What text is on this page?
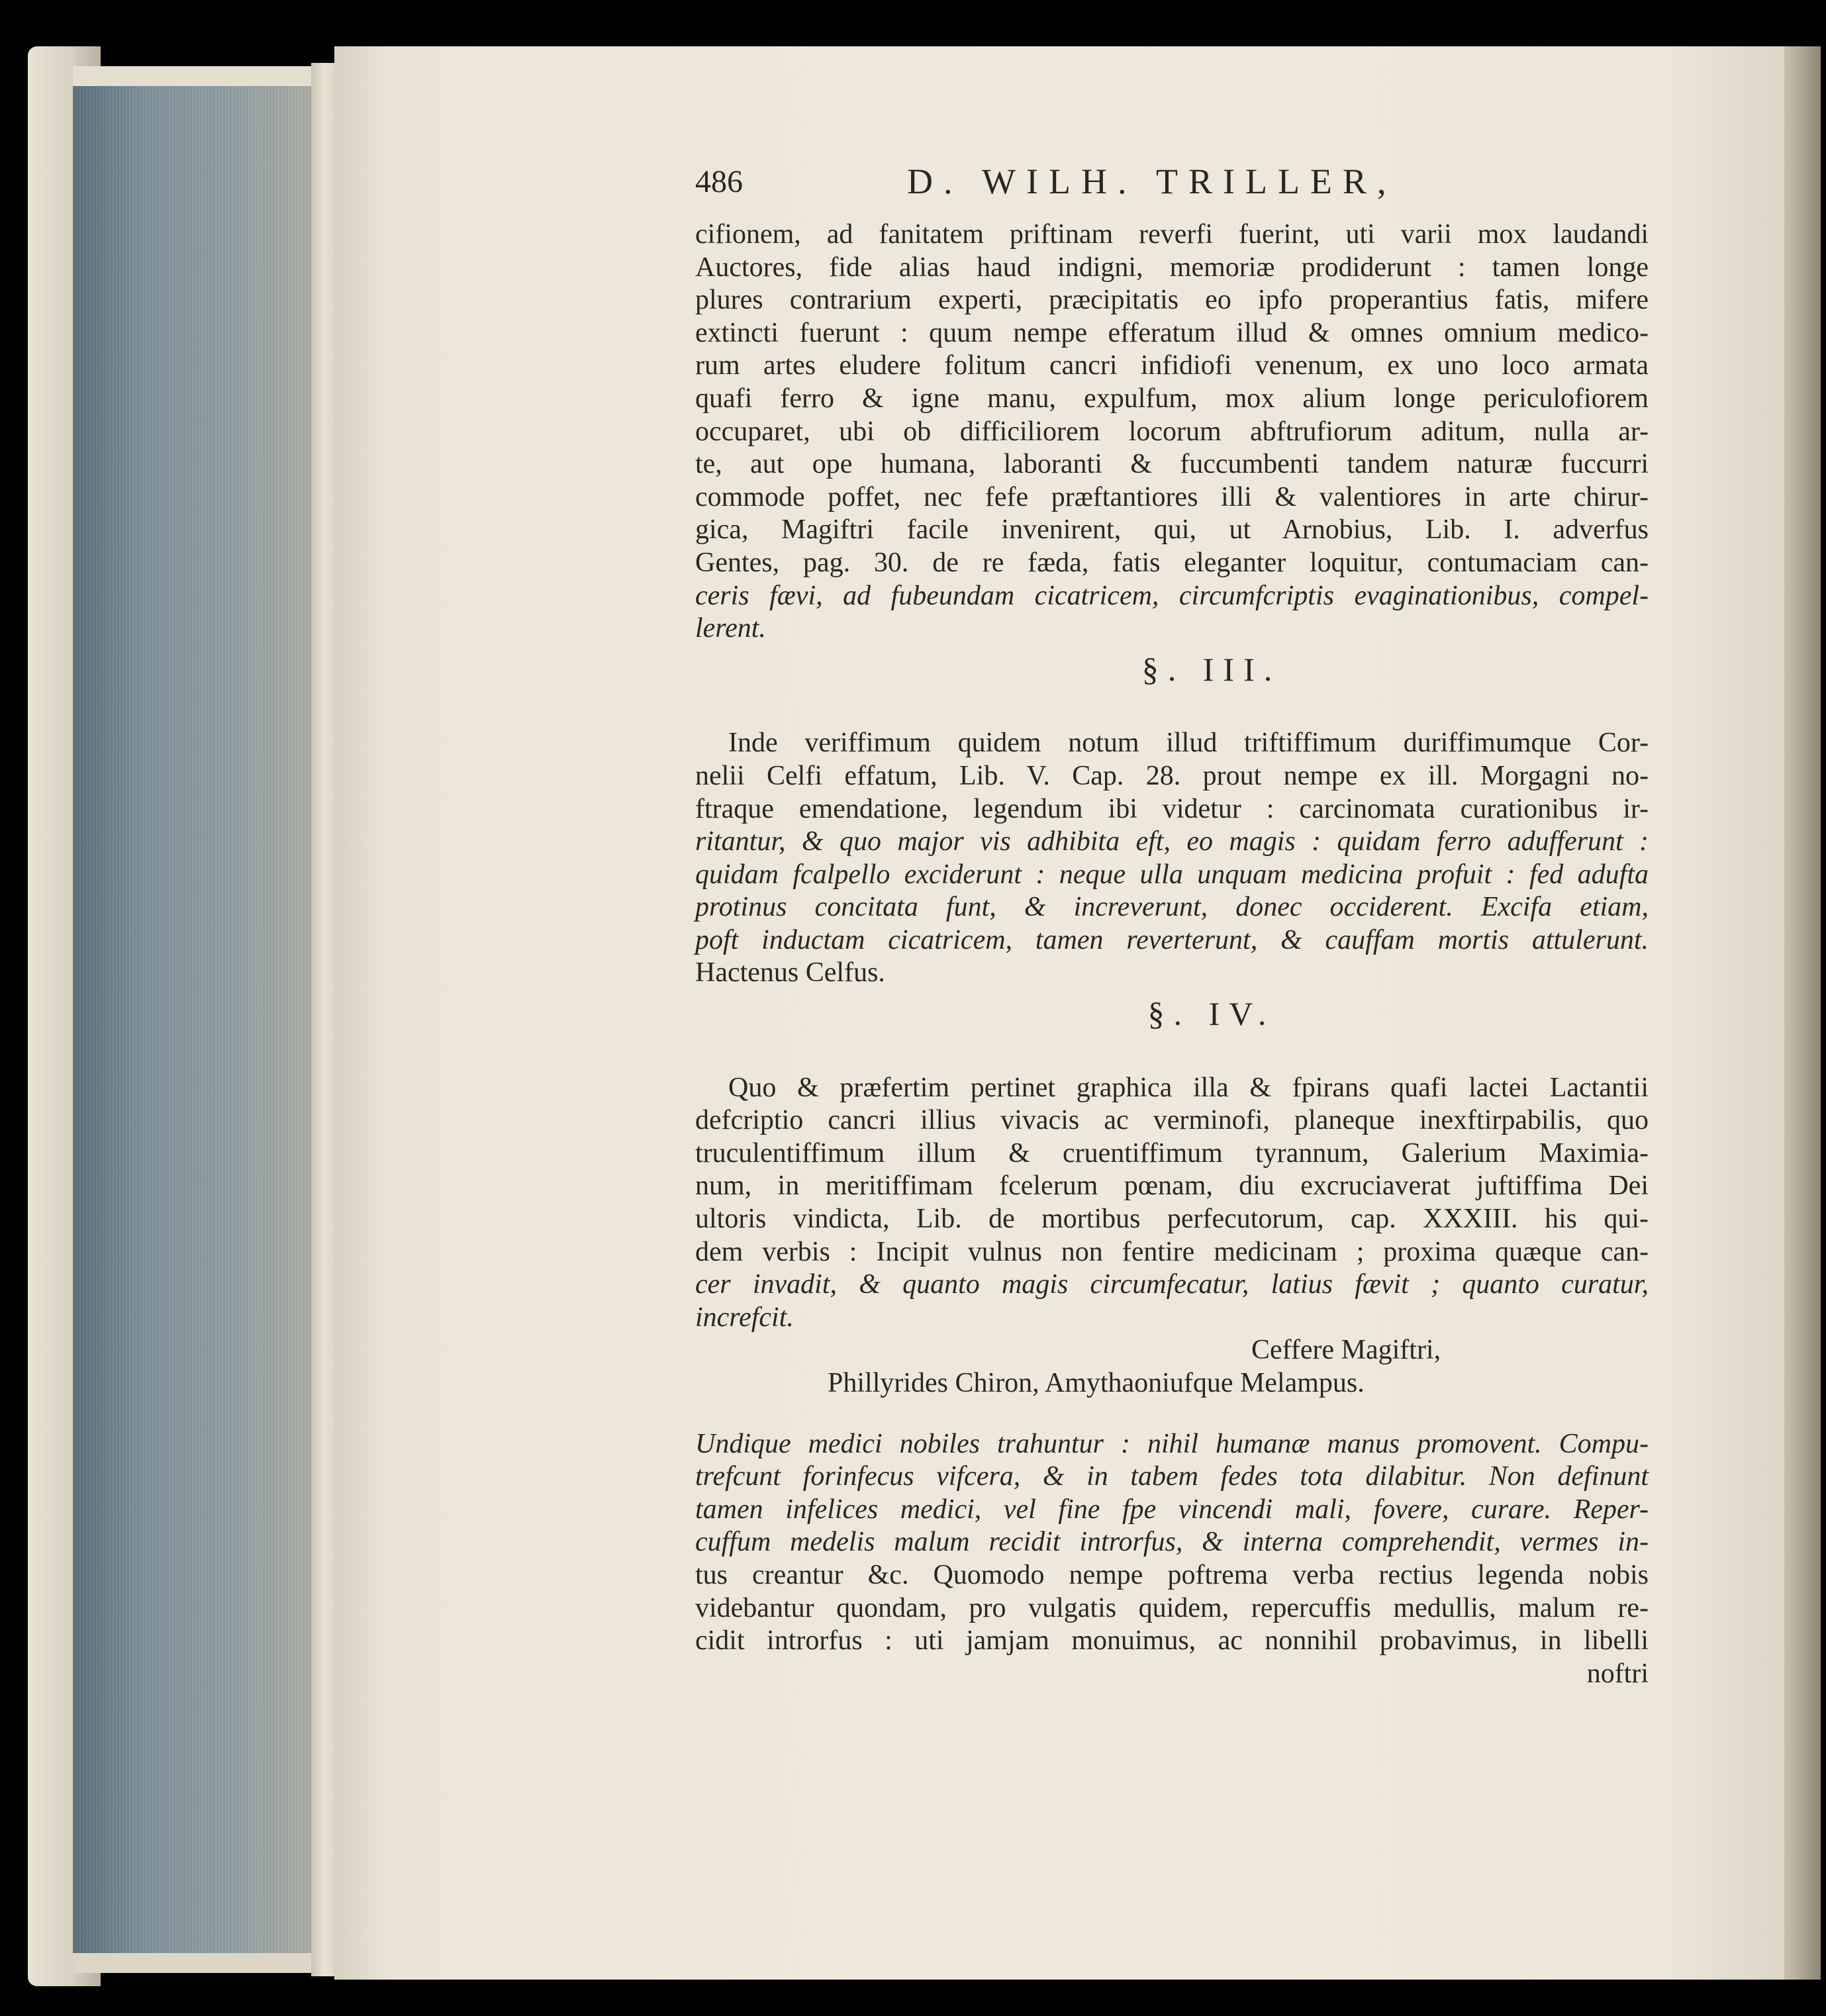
486	D. WILH. TRILLER,
cifionem, ad fanitatem priftinam reverfi fuerint, uti varii mox laudandi
Auctores, fide alias haud indigni, memoriæ prodiderunt : tamen longe
plures contrarium experti, præcipitatis eo ipfo properantius fatis, mifere
extincti fuerunt : quum nempe efferatum illud & omnes omnium medico-
rum artes eludere folitum cancri infidiofi venenum, ex uno loco armata
quafi ferro & igne manu, expulfum, mox alium longe periculofiorem
occuparet, ubi ob difficiliorem locorum abftrufiorum aditum, nulla ar-
te, aut ope humana, laboranti & fuccumbenti tandem naturæ fuccurri
commode poffet, nec fefe præftantiores illi & valentiores in arte chirur-
gica, Magiftri facile invenirent, qui, ut Arnobius, Lib. I. adverfus
Gentes, pag. 30. de re fæda, fatis eleganter loquitur, contumaciam can-
ceris fævi, ad fubeundam cicatricem, circumfcriptis evaginationibus, compel-
lerent.
§. III.
Inde veriffimum quidem notum illud triftiffimum duriffimumque Cor-
nelii Celfi effatum, Lib. V. Cap. 28. prout nempe ex ill. Morgagni no-
ftraque emendatione, legendum ibi videtur : carcinomata curationibus ir-
ritantur, & quo major vis adhibita eft, eo magis : quidam ferro adufferunt :
quidam fcalpello exciderunt : neque ulla unquam medicina profuit : fed adufta
protinus concitata funt, & increverunt, donec occiderent. Excifa etiam,
poft inductam cicatricem, tamen reverterunt, & cauffam mortis attulerunt.
Hactenus Celfus.
§. IV.
Quo & præfertim pertinet graphica illa & fpirans quafi lactei Lactantii
defcriptio cancri illius vivacis ac verminofi, planeque inexftirpabilis, quo
truculentiffimum illum & cruentiffimum tyrannum, Galerium Maximia-
num, in meritiffimam fcelerum pœnam, diu excruciaverat juftiffima Dei
ultoris vindicta, Lib. de mortibus perfecutorum, cap. XXXIII. his qui-
dem verbis : Incipit vulnus non fentire medicinam ; proxima quæque can-
cer invadit, & quanto magis circumfecatur, latius fævit ; quanto curatur,
increfcit.
Ceffere Magiftri,
Phillyrides Chiron, Amythaoniufque Melampus.
Undique medici nobiles trahuntur : nihil humanæ manus promovent. Compu-
trefcunt forinfecus vifcera, & in tabem fedes tota dilabitur. Non definunt
tamen infelices medici, vel fine fpe vincendi mali, fovere, curare. Reper-
cuffum medelis malum recidit introrfus, & interna comprehendit, vermes in-
tus creantur &c. Quomodo nempe poftrema verba rectius legenda nobis
videbantur quondam, pro vulgatis quidem, repercuffis medullis, malum re-
cidit introrfus : uti jamjam monuimus, ac nonnihil probavimus, in libelli
noftri
